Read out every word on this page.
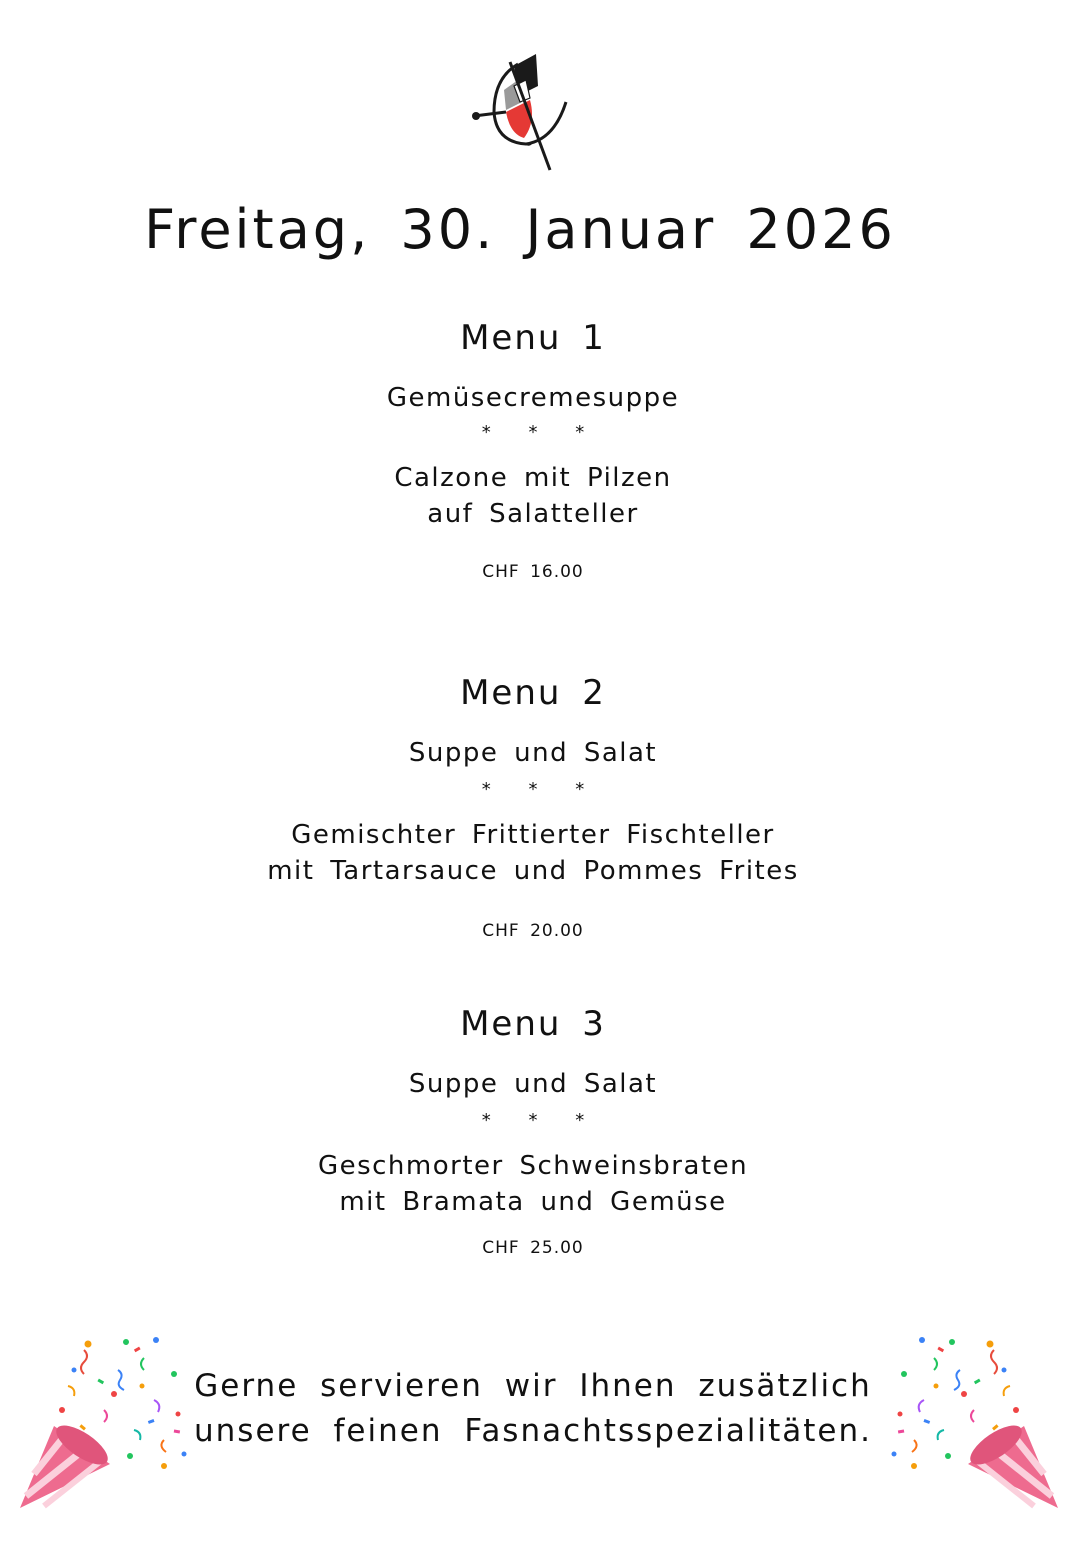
Freitag, 30. Januar 2026

Menu 1

Gemüsecremesuppe

* * *

Calzone mit Pilzen

auf Salatteller

CHF 16.00

Menu 2

Suppe und Salat

* * *

Gemischter Frittierter Fischteller

mit Tartarsauce und Pommes Frites

CHF 20.00

Menu 3

Suppe und Salat

* * *

Geschmorter Schweinsbraten

mit Bramata und Gemüse

CHF 25.00

Gerne servieren wir Ihnen zusätzlich
unsere feinen Fasnachtsspezialitäten.
